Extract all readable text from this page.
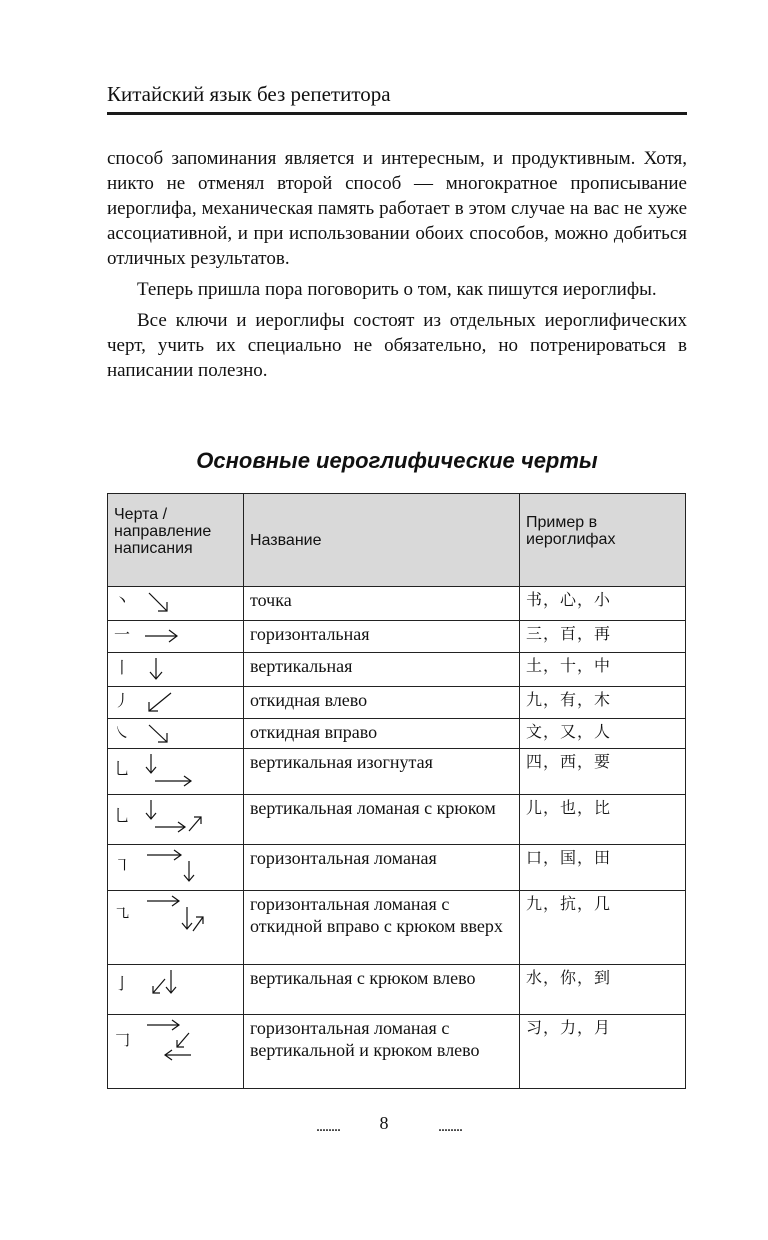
Китайский язык без репетитора

способ запоминания является и интересным, и продуктивным. Хотя, никто не отменял второй способ — многократное прописывание иероглифа, механическая память работает в этом случае на вас не хуже ассоциативной, и при использовании обоих способов, можно добиться отличных результатов.

Теперь пришла пора поговорить о том, как пишутся иероглифы.

Все ключи и иероглифы состоят из отдельных иероглифических черт, учить их специально не обязательно, но потренироваться в написании полезно.

Основные иероглифические черты
Черта / направление написания	Название	Пример в иероглифах
丶	точка	书，心，小
一	горизонтальная	三，百，再
丨	вертикальная	土，十，中
丿	откидная влево	九，有，木
㇏	откидная вправо	文，又，人
乚	вертикальная изогнутая	四，西，要
乚	вертикальная ломаная с крюком	儿，也，比
㇕	горизонтальная ломаная	口，国，田
㇈	горизонтальная ломаная с откидной вправо с крюком вверх	九，抗，几
亅	вертикальная с крюком влево	水，你，到
𠃌	горизонтальная ломаная с вертикальной и крюком влево	习，力，月
........	8	........
